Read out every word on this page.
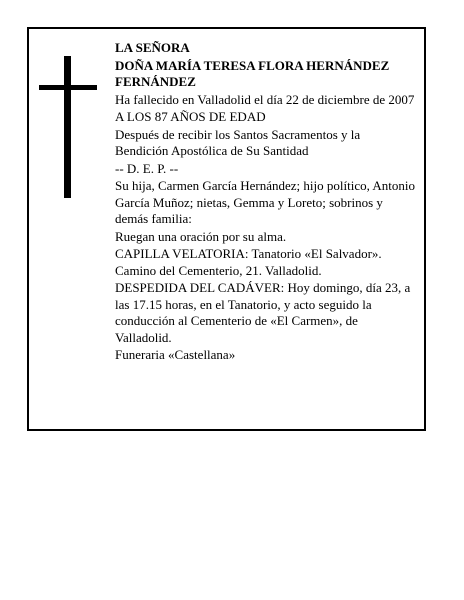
LA SEÑORA

DOÑA MARÍA TERESA FLORA HERNÁNDEZ FERNÁNDEZ

Ha fallecido en Valladolid el día 22 de diciembre de 2007

A LOS 87 AÑOS DE EDAD

Después de recibir los Santos Sacramentos y la Bendición Apostólica de Su Santidad

-- D. E. P. --

Su hija, Carmen García Hernández; hijo político, Antonio García Muñoz; nietas, Gemma y Loreto; sobrinos y demás familia:

Ruegan una oración por su alma.

CAPILLA VELATORIA: Tanatorio «El Salvador». Camino del Cementerio, 21. Valladolid.

DESPEDIDA DEL CADÁVER: Hoy domingo, día 23, a las 17.15 horas, en el Tanatorio, y acto seguido la conducción al Cementerio de «El Carmen», de Valladolid.

Funeraria «Castellana»
